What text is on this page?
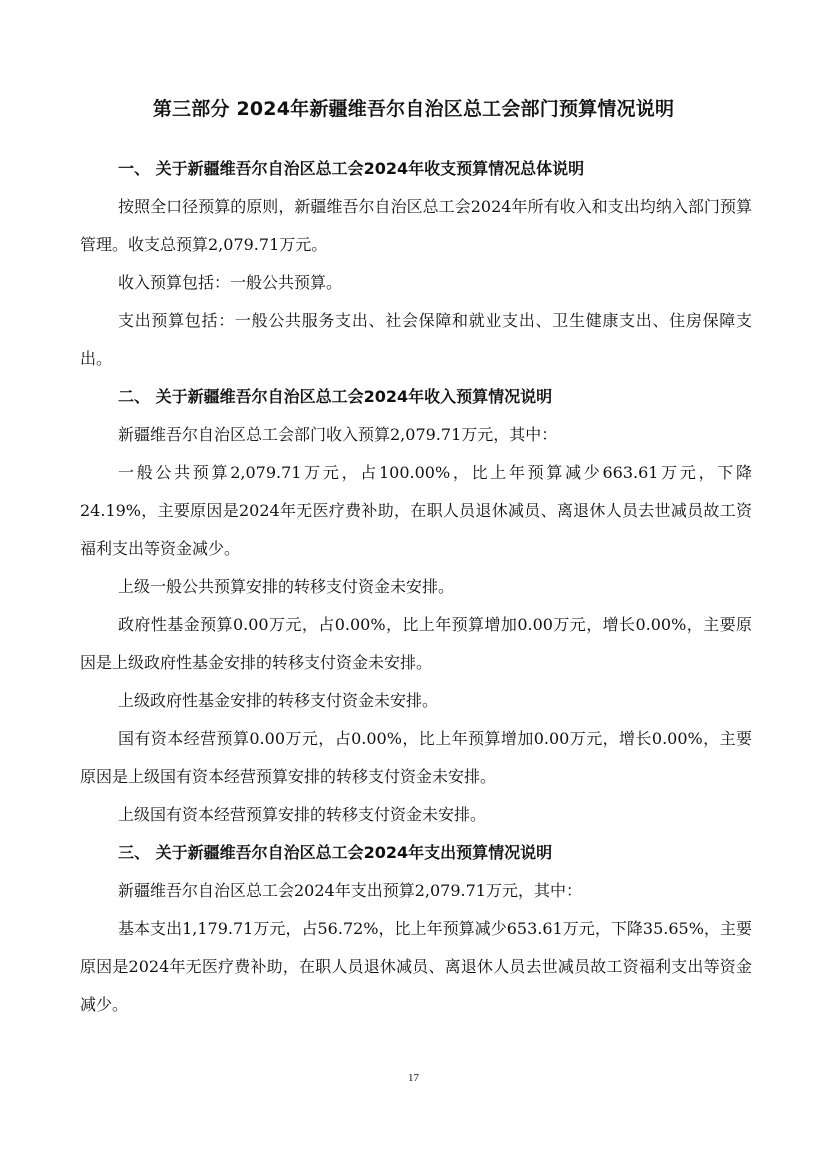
第三部分 2024年新疆维吾尔自治区总工会部门预算情况说明
一、 关于新疆维吾尔自治区总工会2024年收支预算情况总体说明

按照全口径预算的原则，新疆维吾尔自治区总工会2024年所有收入和支出均纳入部门预算管理。收支总预算2,079.71万元。

收入预算包括：一般公共预算。

支出预算包括：一般公共服务支出、社会保障和就业支出、卫生健康支出、住房保障支出。

二、 关于新疆维吾尔自治区总工会2024年收入预算情况说明

新疆维吾尔自治区总工会部门收入预算2,079.71万元，其中：

一般公共预算2,079.71万元，占100.00%，比上年预算减少663.61万元，下降24.19%，主要原因是2024年无医疗费补助，在职人员退休减员、离退休人员去世减员故工资福利支出等资金减少。

上级一般公共预算安排的转移支付资金未安排。

政府性基金预算0.00万元，占0.00%，比上年预算增加0.00万元，增长0.00%，主要原因是上级政府性基金安排的转移支付资金未安排。

上级政府性基金安排的转移支付资金未安排。

国有资本经营预算0.00万元，占0.00%，比上年预算增加0.00万元，增长0.00%，主要原因是上级国有资本经营预算安排的转移支付资金未安排。

上级国有资本经营预算安排的转移支付资金未安排。

三、 关于新疆维吾尔自治区总工会2024年支出预算情况说明

新疆维吾尔自治区总工会2024年支出预算2,079.71万元，其中：

基本支出1,179.71万元，占56.72%，比上年预算减少653.61万元，下降35.65%，主要原因是2024年无医疗费补助，在职人员退休减员、离退休人员去世减员故工资福利支出等资金减少。

17
